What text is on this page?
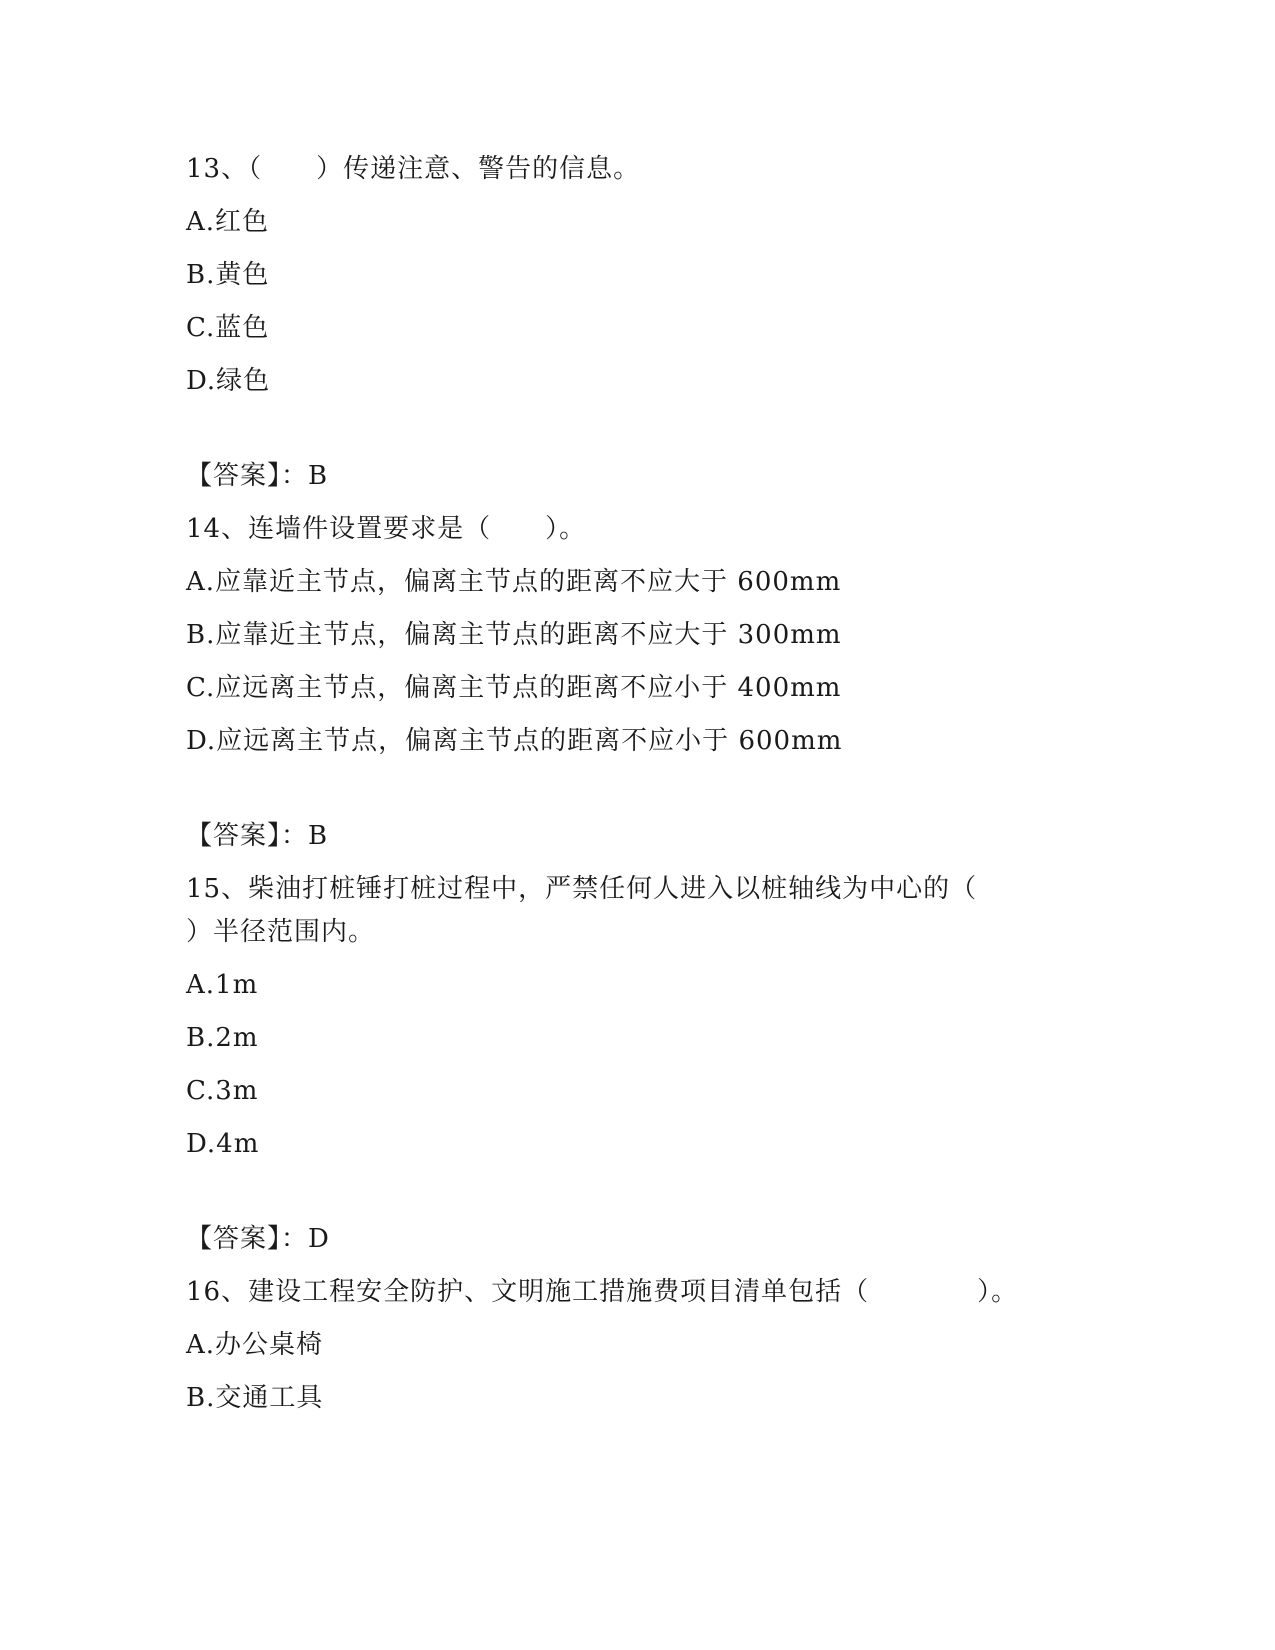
13、（　　）传递注意、警告的信息。
A.红色
B.黄色
C.蓝色
D.绿色
【答案】：B
14、连墙件设置要求是（　　）。
A.应靠近主节点，偏离主节点的距离不应大于 600mm
B.应靠近主节点，偏离主节点的距离不应大于 300mm
C.应远离主节点，偏离主节点的距离不应小于 400mm
D.应远离主节点，偏离主节点的距离不应小于 600mm
【答案】：B
15、柴油打桩锤打桩过程中，严禁任何人进入以桩轴线为中心的（
）半径范围内。
A.1m
B.2m
C.3m
D.4m
【答案】：D
16、建设工程安全防护、文明施工措施费项目清单包括（　　　　）。
A.办公桌椅
B.交通工具
